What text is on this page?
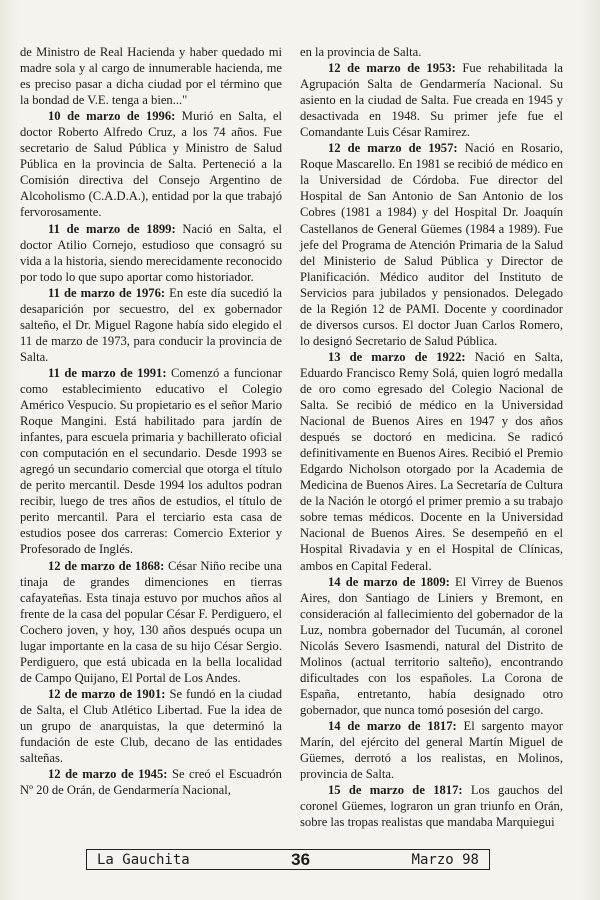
de Ministro de Real Hacienda y haber quedado mi madre sola y al cargo de innumerable hacienda, me es preciso pasar a dicha ciudad por el término que la bondad de V.E. tenga a bien..."

10 de marzo de 1996: Murió en Salta, el doctor Roberto Alfredo Cruz, a los 74 años. Fue secretario de Salud Pública y Ministro de Salud Pública en la provincia de Salta. Perteneció a la Comisión directiva del Consejo Argentino de Alcoholismo (C.A.D.A.), entidad por la que trabajó fervorosamente.

11 de marzo de 1899: Nació en Salta, el doctor Atilio Cornejo, estudioso que consagró su vida a la historia, siendo merecidamente reconocido por todo lo que supo aportar como historiador.

11 de marzo de 1976: En este día sucedió la desaparición por secuestro, del ex gobernador salteño, el Dr. Miguel Ragone había sido elegido el 11 de marzo de 1973, para conducir la provincia de Salta.

11 de marzo de 1991: Comenzó a funcionar como establecimiento educativo el Colegio Américo Vespucio. Su propietario es el señor Mario Roque Mangini. Está habilitado para jardín de infantes, para escuela primaria y bachillerato oficial con computación en el secundario. Desde 1993 se agregó un secundario comercial que otorga el título de perito mercantil. Desde 1994 los adultos podran recibir, luego de tres años de estudios, el título de perito mercantil. Para el terciario esta casa de estudios posee dos carreras: Comercio Exterior y Profesorado de Inglés.

12 de marzo de 1868: César Niño recibe una tinaja de grandes dimenciones en tierras cafayateñas. Esta tinaja estuvo por muchos años al frente de la casa del popular César F. Perdiguero, el Cochero joven, y hoy, 130 años después ocupa un lugar importante en la casa de su hijo César Sergio. Perdiguero, que está ubicada en la bella localidad de Campo Quijano, El Portal de Los Andes.

12 de marzo de 1901: Se fundó en la ciudad de Salta, el Club Atlético Libertad. Fue la idea de un grupo de anarquistas, la que determinó la fundación de este Club, decano de las entidades salteñas.

12 de marzo de 1945: Se creó el Escuadrón Nº 20 de Orán, de Gendarmería Nacional,

en la provincia de Salta.

12 de marzo de 1953: Fue rehabilitada la Agrupación Salta de Gendarmería Nacional. Su asiento en la ciudad de Salta. Fue creada en 1945 y desactivada en 1948. Su primer jefe fue el Comandante Luis César Ramirez.

12 de marzo de 1957: Nació en Rosario, Roque Mascarello. En 1981 se recibió de médico en la Universidad de Córdoba. Fue director del Hospital de San Antonio de San Antonio de los Cobres (1981 a 1984) y del Hospital Dr. Joaquín Castellanos de General Güemes (1984 a 1989). Fue jefe del Programa de Atención Primaria de la Salud del Ministerio de Salud Pública y Director de Planificación. Médico auditor del Instituto de Servicios para jubilados y pensionados. Delegado de la Región 12 de PAMI. Docente y coordinador de diversos cursos. El doctor Juan Carlos Romero, lo designó Secretario de Salud Pública.

13 de marzo de 1922: Nació en Salta, Eduardo Francisco Remy Solá, quien logró medalla de oro como egresado del Colegio Nacional de Salta. Se recibió de médico en la Universidad Nacional de Buenos Aires en 1947 y dos años después se doctoró en medicina. Se radicó definitivamente en Buenos Aires. Recibió el Premio Edgardo Nicholson otorgado por la Academia de Medicina de Buenos Aires. La Secretaría de Cultura de la Nación le otorgó el primer premio a su trabajo sobre temas médicos. Docente en la Universidad Nacional de Buenos Aires. Se desempeñó en el Hospital Rivadavia y en el Hospital de Clínicas, ambos en Capital Federal.

14 de marzo de 1809: El Virrey de Buenos Aires, don Santiago de Liniers y Bremont, en consideración al fallecimiento del gobernador de la Luz, nombra gobernador del Tucumán, al coronel Nicolás Severo Isasmendi, natural del Distrito de Molinos (actual territorio salteño), encontrando dificultades con los españoles. La Corona de España, entretanto, había designado otro gobernador, que nunca tomó posesión del cargo.

14 de marzo de 1817: El sargento mayor Marín, del ejército del general Martín Miguel de Güemes, derrotó a los realistas, en Molinos, provincia de Salta.

15 de marzo de 1817: Los gauchos del coronel Güemes, lograron un gran triunfo en Orán, sobre las tropas realistas que mandaba Marquiegui

La Gauchita	36	Marzo 98
